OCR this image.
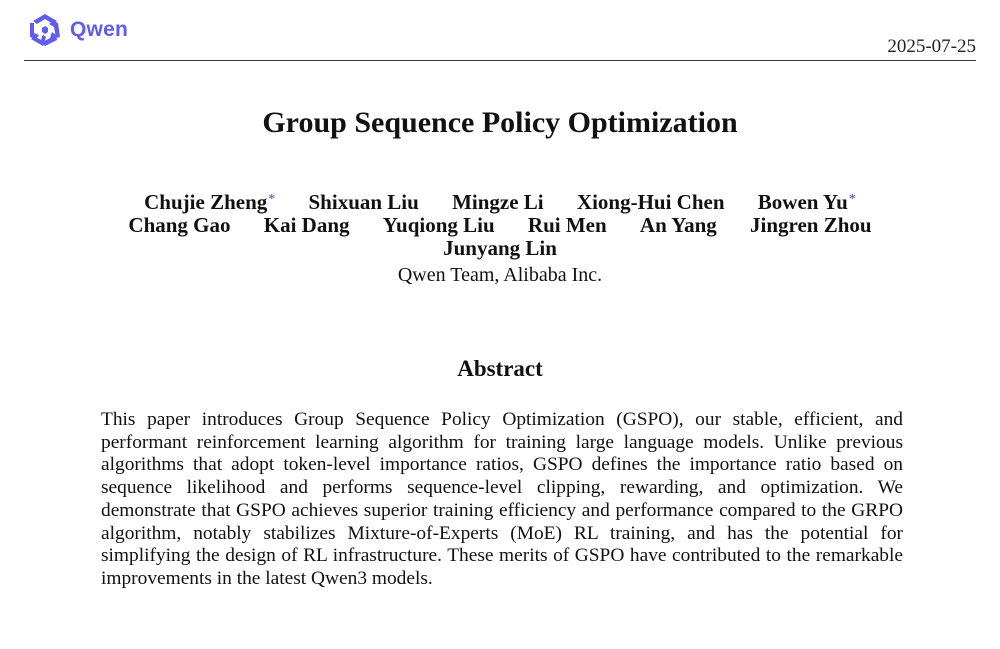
Qwen
2025-07-25
Group Sequence Policy Optimization
Chujie Zheng* Shixuan Liu Mingze Li Xiong-Hui Chen Bowen Yu*
Chang Gao Kai Dang Yuqiong Liu Rui Men An Yang Jingren Zhou
Junyang Lin
Qwen Team, Alibaba Inc.
Abstract
This paper introduces Group Sequence Policy Optimization (GSPO), our stable, efficient, and performant reinforcement learning algorithm for training large language models. Unlike previous algorithms that adopt token-level importance ratios, GSPO defines the importance ratio based on sequence likelihood and performs sequence-level clipping, rewarding, and optimization. We demonstrate that GSPO achieves superior training efficiency and performance compared to the GRPO algorithm, notably stabilizes Mixture-of-Experts (MoE) RL training, and has the potential for simplifying the design of RL infrastructure. These merits of GSPO have contributed to the remarkable improvements in the latest Qwen3 models.
